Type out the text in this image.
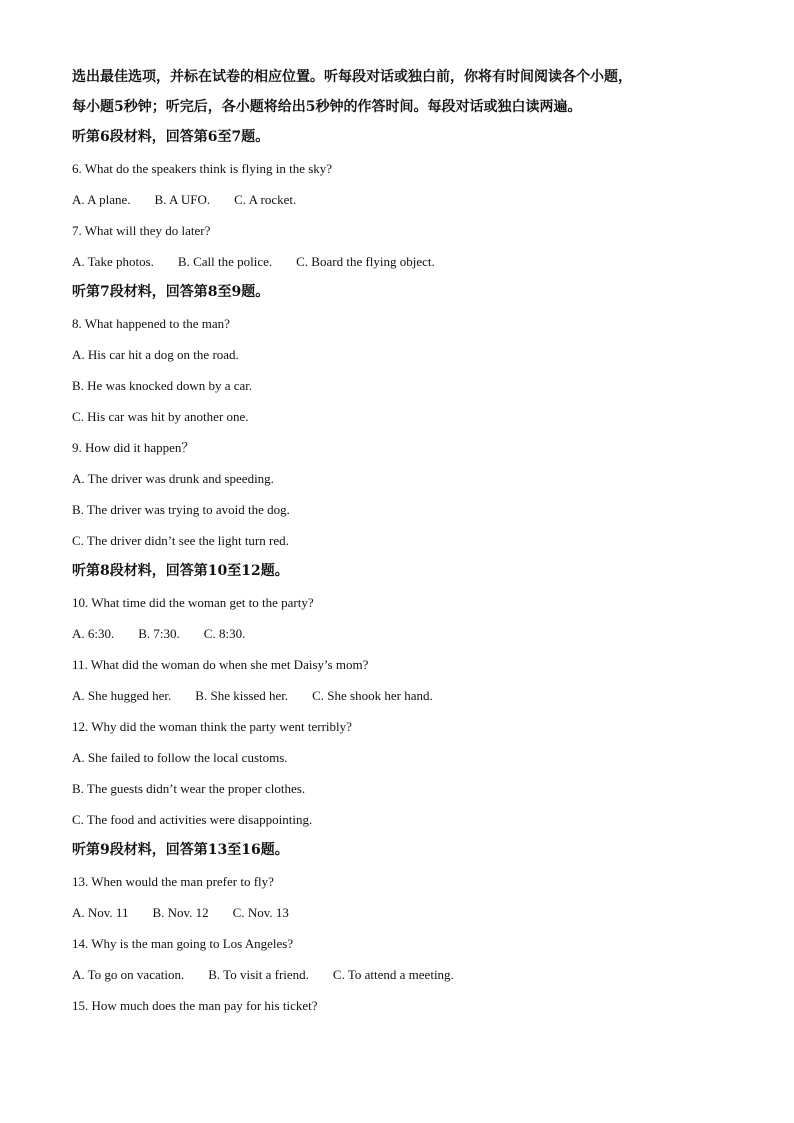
选出最佳选项，并标在试卷的相应位置。听每段对话或独白前，你将有时间阅读各个小题，

每小题5秒钟；听完后，各小题将给出5秒钟的作答时间。每段对话或独白读两遍。

听第6段材料，回答第6至7题。

6. What do the speakers think is flying in the sky?

A. A plane. B. A UFO. C. A rocket.

7. What will they do later?

A. Take photos. B. Call the police. C. Board the flying object.

听第7段材料，回答第8至9题。

8. What happened to the man?

A. His car hit a dog on the road.

B. He was knocked down by a car.

C. His car was hit by another one.

9. How did it happen？

A. The driver was drunk and speeding.

B. The driver was trying to avoid the dog.

C. The driver didn’t see the light turn red.

听第8段材料，回答第10至12题。

10. What time did the woman get to the party?

A. 6:30. B. 7:30. C. 8:30.

11. What did the woman do when she met Daisy’s mom?

A. She hugged her. B. She kissed her. C. She shook her hand.

12. Why did the woman think the party went terribly?

A. She failed to follow the local customs.

B. The guests didn’t wear the proper clothes.

C. The food and activities were disappointing.

听第9段材料，回答第13至16题。

13. When would the man prefer to fly?

A. Nov. 11 B. Nov. 12 C. Nov. 13

14. Why is the man going to Los Angeles?

A. To go on vacation. B. To visit a friend. C. To attend a meeting.

15. How much does the man pay for his ticket?
